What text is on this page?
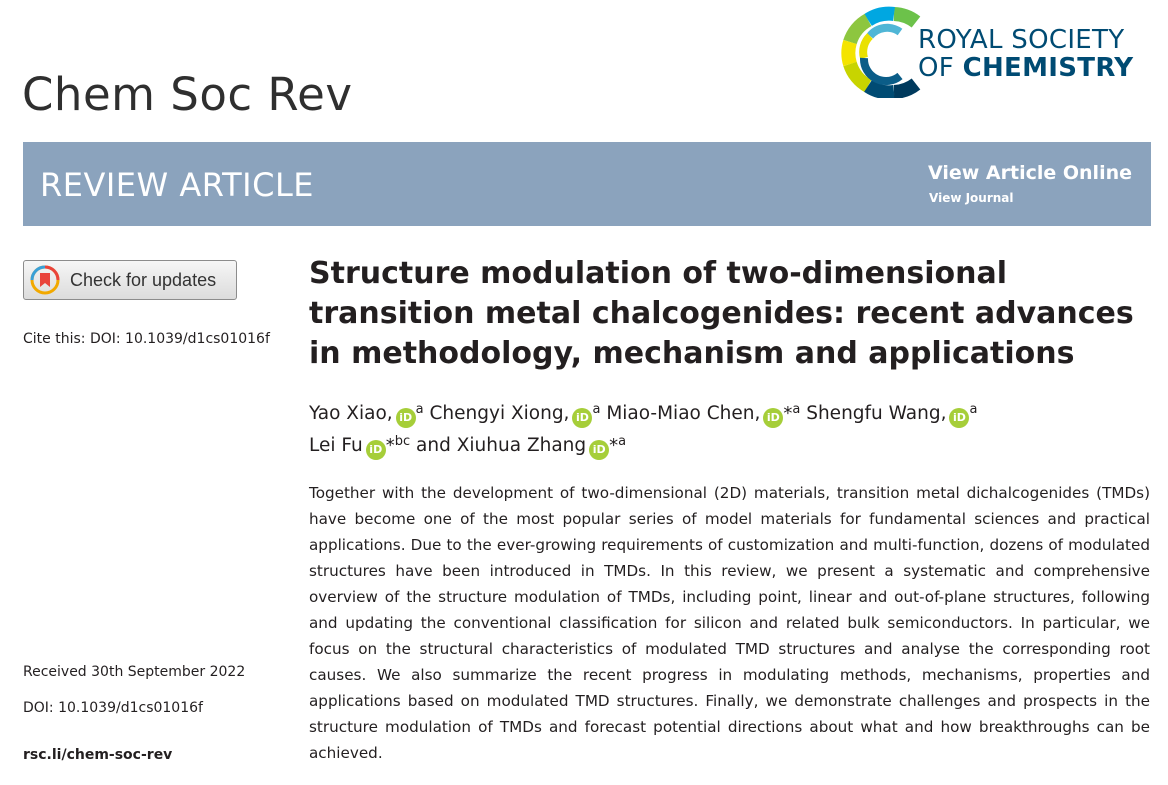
Chem Soc Rev
ROYAL SOCIETY
OF CHEMISTRY
REVIEW ARTICLE	View Article Online
View Journal
Check for updates
Cite this: DOI: 10.1039/d1cs01016f
Received 30th September 2022
DOI: 10.1039/d1cs01016f
rsc.li/chem-soc-rev
Structure modulation of two-dimensional transition metal chalcogenides: recent advances in methodology, mechanism and applications
Yao Xiao, iD$^a$ Chengyi Xiong, iD$^a$ Miao-Miao Chen, iD *$^a$ Shengfu Wang, iD$^a$
Lei Fu iD *$^{bc}$ and Xiuhua Zhang iD *$^a$

Together with the development of two-dimensional (2D) materials, transition metal dichalcogenides (TMDs) have become one of the most popular series of model materials for fundamental sciences and practical applications. Due to the ever-growing requirements of customization and multi-function, dozens of modulated structures have been introduced in TMDs. In this review, we present a systematic and comprehensive overview of the structure modulation of TMDs, including point, linear and out-of-plane structures, following and updating the conventional classification for silicon and related bulk semiconductors. In particular, we focus on the structural characteristics of modulated TMD structures and analyse the corresponding root causes. We also summarize the recent progress in modulating methods, mechanisms, properties and applications based on modulated TMD structures. Finally, we demonstrate challenges and prospects in the structure modulation of TMDs and forecast potential directions about what and how breakthroughs can be achieved.
